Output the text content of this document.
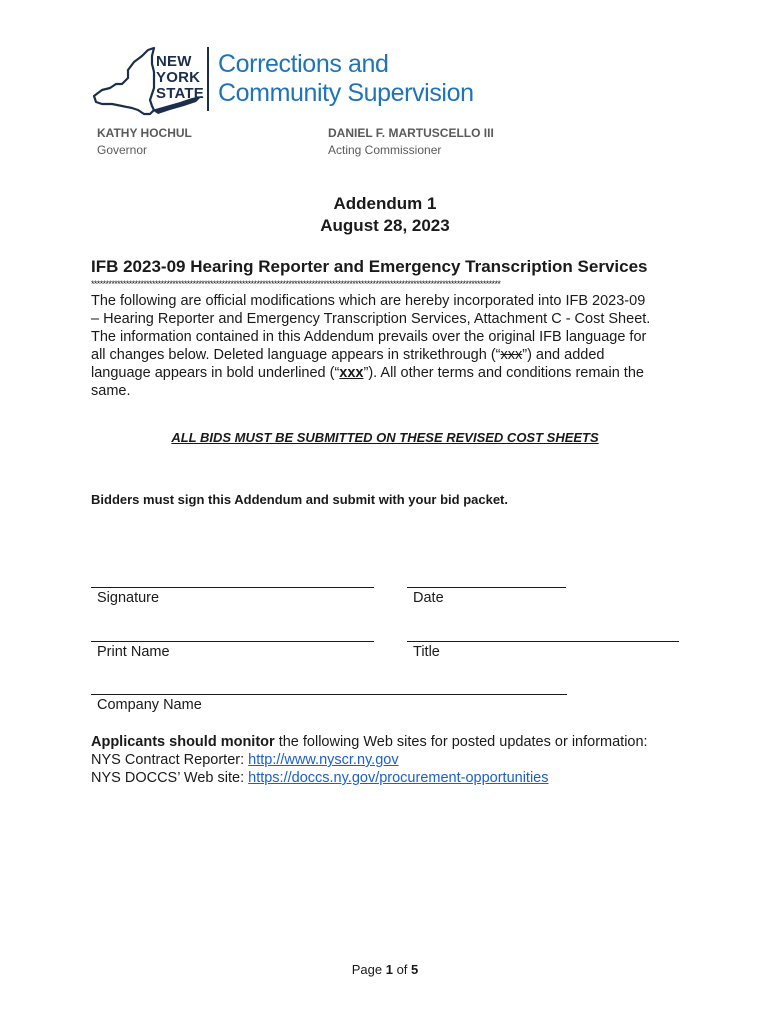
NEW
YORK
STATE
Corrections and
Community Supervision
KATHY HOCHUL
Governor
DANIEL F. MARTUSCELLO III
Acting Commissioner
Addendum 1
August 28, 2023
IFB 2023-09 Hearing Reporter and Emergency Transcription Services
*********************************************************************************************************************************************
The following are official modifications which are hereby incorporated into IFB 2023-09
– Hearing Reporter and Emergency Transcription Services, Attachment C - Cost Sheet.
The information contained in this Addendum prevails over the original IFB language for
all changes below. Deleted language appears in strikethrough (“xxx”) and added
language appears in bold underlined (“xxx”). All other terms and conditions remain the
same.
ALL BIDS MUST BE SUBMITTED ON THESE REVISED COST SHEETS
Bidders must sign this Addendum and submit with your bid packet.
Signature	Date
Print Name	Title
Company Name
Applicants should monitor the following Web sites for posted updates or information:
NYS Contract Reporter: http://www.nyscr.ny.gov
NYS DOCCS’ Web site: https://doccs.ny.gov/procurement-opportunities
Page 1 of 5
